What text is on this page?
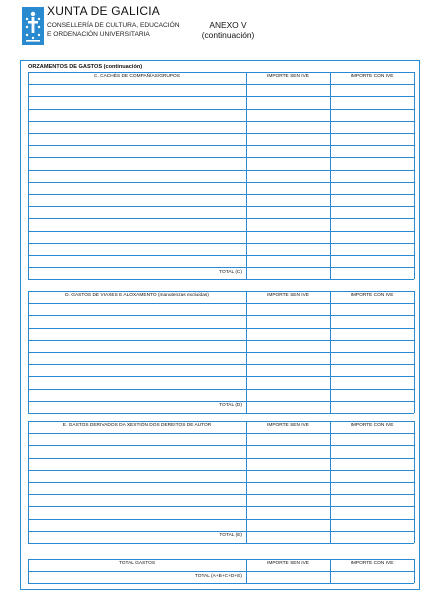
XUNTA DE GALICIA
CONSELLERÍA DE CULTURA, EDUCACIÓN
E ORDENACIÓN UNIVERSITARIA
ANEXO V
(continuación)
ORZAMENTOS DE GASTOS (continuación)
C. CACHÉS DE COMPAÑÍAS/GRUPOS	IMPORTE SEN IVE	IMPORTE CON IVE
TOTAL (C)
D. GASTOS DE VIAXES E ALOXAMENTO (manutenzas excluídas)	IMPORTE SEN IVE	IMPORTE CON IVE
TOTAL (D)
E. GASTOS DERIVADOS DA XESTIÓN DOS DEREITOS DE AUTOR	IMPORTE SEN IVE	IMPORTE CON IVE
TOTAL (E)
TOTAL GASTOS	IMPORTE SEN IVE	IMPORTE CON IVE
TOTAL (A+B+C+D+E)
